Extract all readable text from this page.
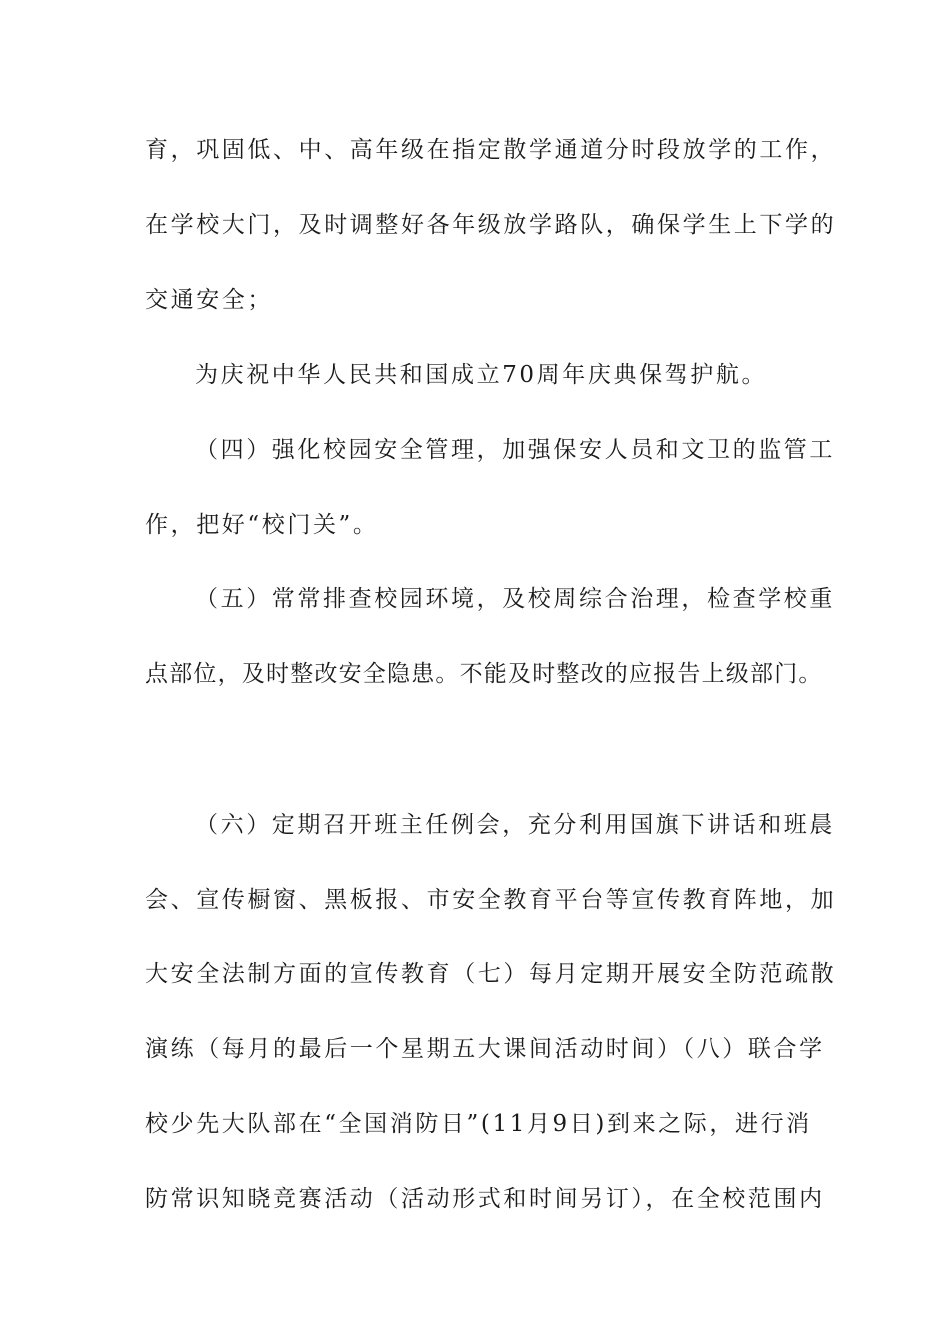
育，巩固低、中、高年级在指定散学通道分时段放学的工作，
在学校大门，及时调整好各年级放学路队，确保学生上下学的
交通安全；
为庆祝中华人民共和国成立70周年庆典保驾护航。
（四）强化校园安全管理，加强保安人员和文卫的监管工
作，把好“校门关”。
（五）常常排查校园环境，及校周综合治理，检查学校重
点部位，及时整改安全隐患。不能及时整改的应报告上级部门。
（六）定期召开班主任例会，充分利用国旗下讲话和班晨
会、宣传橱窗、黑板报、市安全教育平台等宣传教育阵地，加
大安全法制方面的宣传教育（七）每月定期开展安全防范疏散
演练（每月的最后一个星期五大课间活动时间）（八）联合学
校少先大队部在“全国消防日”(11月9日)到来之际，进行消
防常识知晓竞赛活动（活动形式和时间另订），在全校范围内
